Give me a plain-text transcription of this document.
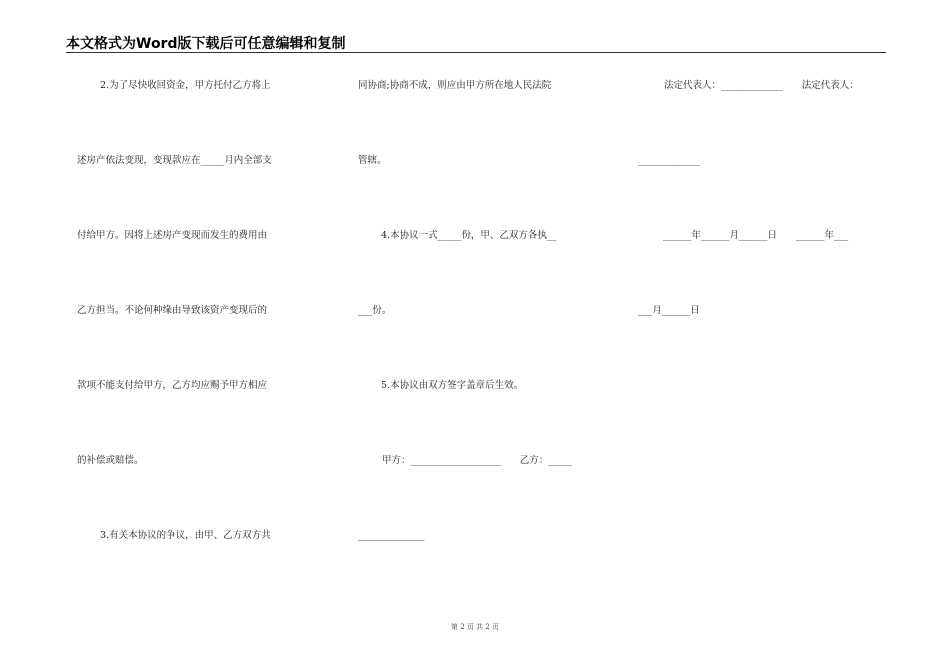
本文格式为Word版下载后可任意编辑和复制
2.为了尽快收回资金，甲方托付乙方将上
述房产依法变现，变现款应在_____月内全部支
付给甲方。因将上述房产变现而发生的费用由
乙方担当。不论何种缘由导致该资产变现后的
款项不能支付给甲方，乙方均应赐予甲方相应
的补偿或赔偿。
3.有关本协议的争议，由甲、乙方双方共
同协商;协商不成，则应由甲方所在地人民法院
管辖。
4.本协议一式_____份，甲、乙双方各执__
___份。
5.本协议由双方签字盖章后生效。
甲方：___________________　　乙方：_____
______________
法定代表人：_____________　　法定代表人：
_____________
______年______月______日　　______年___
___月______日
第 2 页 共 2 页
